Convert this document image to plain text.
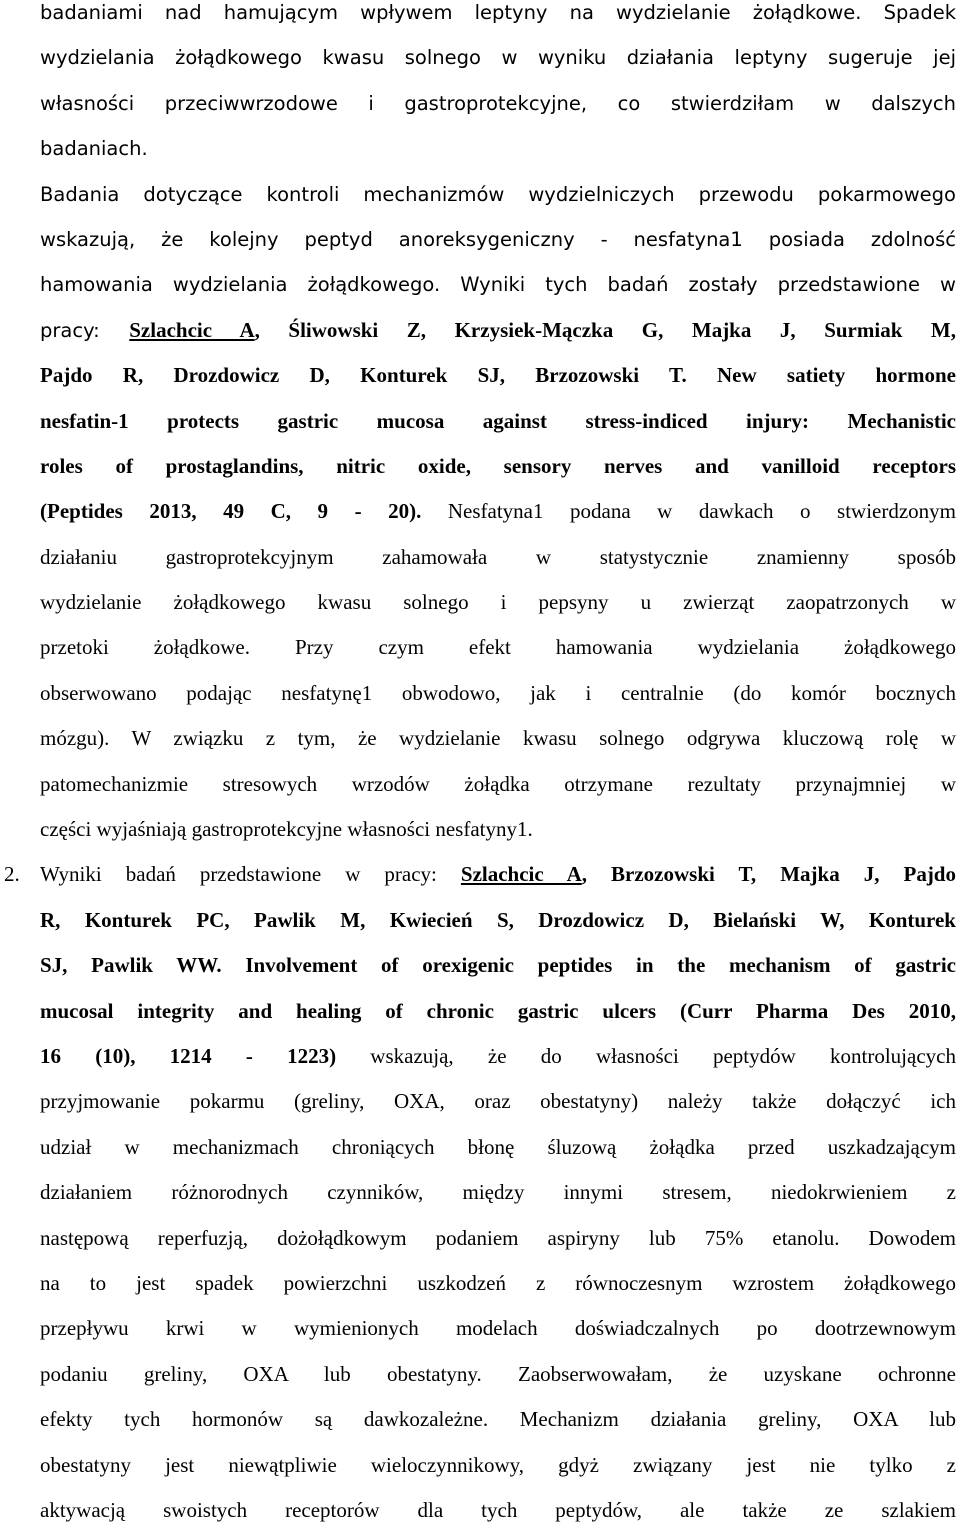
badaniami nad hamującym wpływem leptyny na wydzielanie żołądkowe. Spadek
wydzielania żołądkowego kwasu solnego w wyniku działania leptyny sugeruje jej
własności przeciwwrzodowe i gastroprotekcyjne, co stwierdziłam w dalszych
badaniach.
Badania dotyczące kontroli mechanizmów wydzielniczych przewodu pokarmowego
wskazują, że kolejny peptyd anoreksygeniczny - nesfatyna1 posiada zdolność
hamowania wydzielania żołądkowego. Wyniki tych badań zostały przedstawione w
pracy: Szlachcic A, Śliwowski Z, Krzysiek-Mączka G, Majka J, Surmiak M,
Pajdo R, Drozdowicz D, Konturek SJ, Brzozowski T. New satiety hormone
nesfatin-1 protects gastric mucosa against stress-indiced injury: Mechanistic
roles of prostaglandins, nitric oxide, sensory nerves and vanilloid receptors
(Peptides 2013, 49 C, 9 - 20). Nesfatyna1 podana w dawkach o stwierdzonym
działaniu gastroprotekcyjnym zahamowała w statystycznie znamienny sposób
wydzielanie żołądkowego kwasu solnego i pepsyny u zwierząt zaopatrzonych w
przetoki żołądkowe. Przy czym efekt hamowania wydzielania żołądkowego
obserwowano podając nesfatynę1 obwodowo, jak i centralnie (do komór bocznych
mózgu). W związku z tym, że wydzielanie kwasu solnego odgrywa kluczową rolę w
patomechanizmie stresowych wrzodów żołądka otrzymane rezultaty przynajmniej w
części wyjaśniają gastroprotekcyjne własności nesfatyny1.
2. Wyniki badań przedstawione w pracy: Szlachcic A, Brzozowski T, Majka J, Pajdo
R, Konturek PC, Pawlik M, Kwiecień S, Drozdowicz D, Bielański W, Konturek
SJ, Pawlik WW. Involvement of orexigenic peptides in the mechanism of gastric
mucosal integrity and healing of chronic gastric ulcers (Curr Pharma Des 2010,
16 (10), 1214 - 1223) wskazują, że do własności peptydów kontrolujących
przyjmowanie pokarmu (greliny, OXA, oraz obestatyny) należy także dołączyć ich
udział w mechanizmach chroniących błonę śluzową żołądka przed uszkadzającym
działaniem różnorodnych czynników, między innymi stresem, niedokrwieniem z
następową reperfuzją, dożołądkowym podaniem aspiryny lub 75% etanolu. Dowodem
na to jest spadek powierzchni uszkodzeń z równoczesnym wzrostem żołądkowego
przepływu krwi w wymienionych modelach doświadczalnych po dootrzewnowym
podaniu greliny, OXA lub obestatyny. Zaobserwowałam, że uzyskane ochronne
efekty tych hormonów są dawkozależne. Mechanizm działania greliny, OXA lub
obestatyny jest niewątpliwie wieloczynnikowy, gdyż związany jest nie tylko z
aktywacją swoistych receptorów dla tych peptydów, ale także ze szlakiem
